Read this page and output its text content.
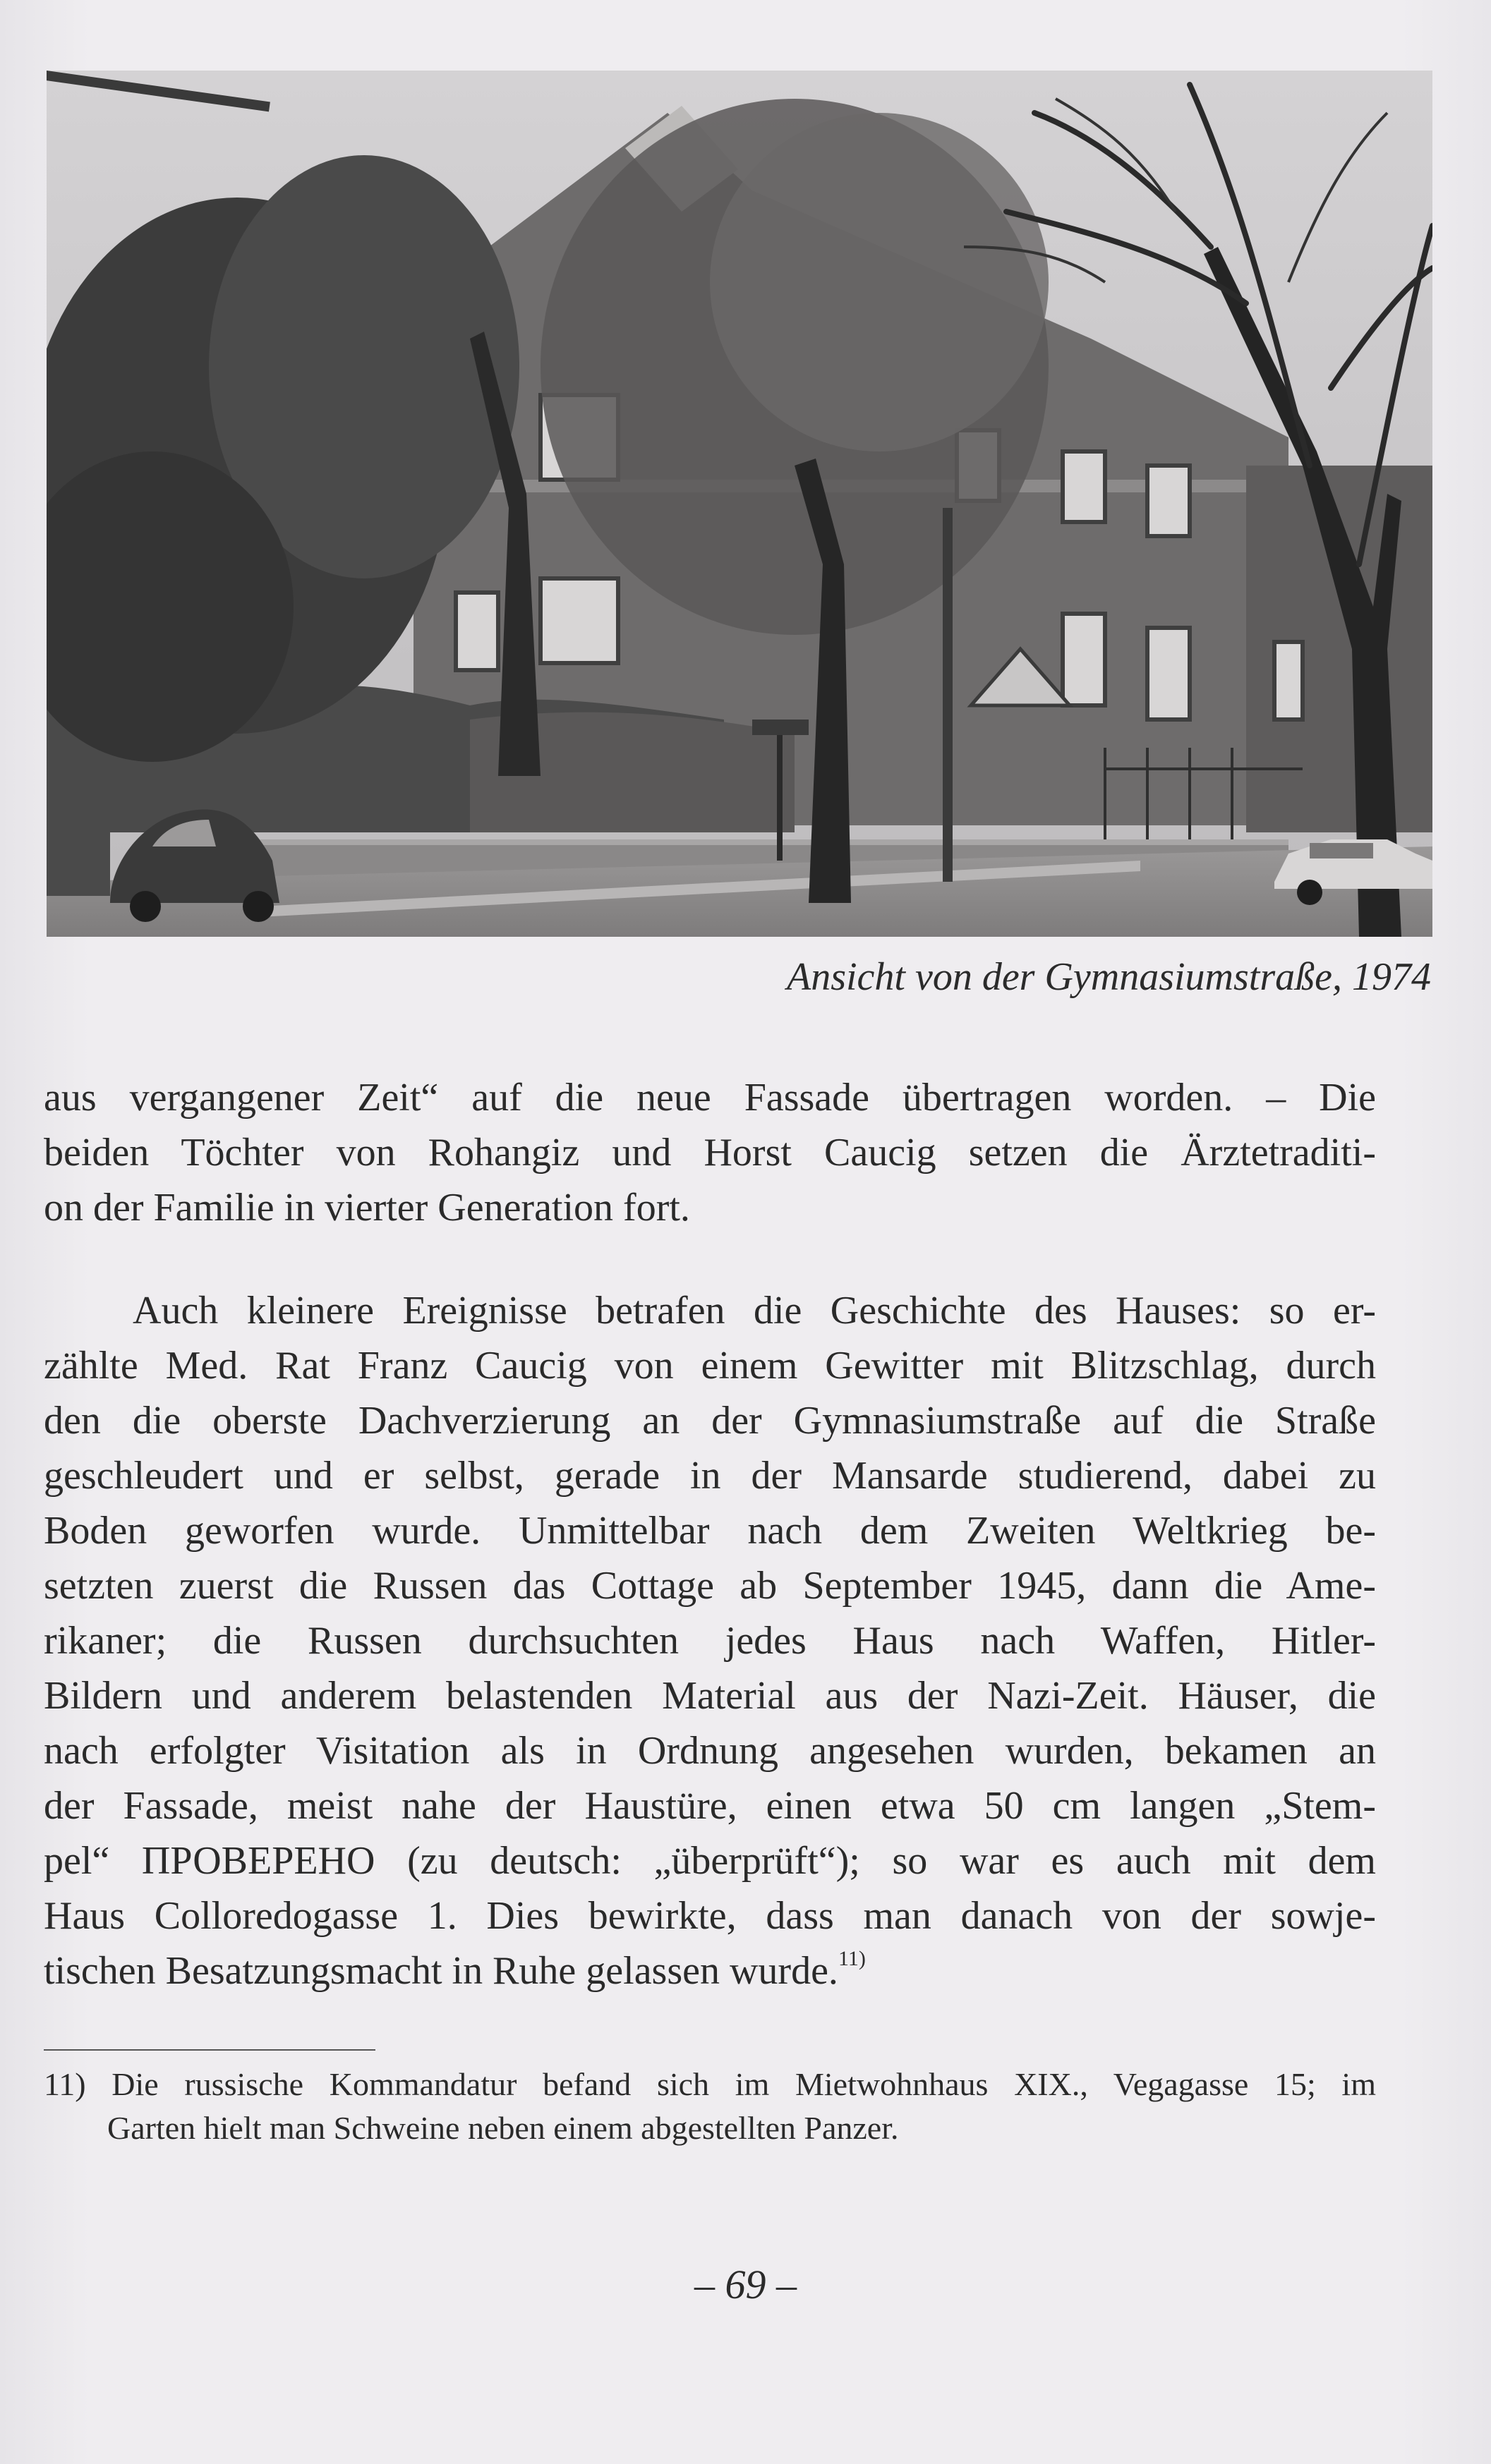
Ansicht von der Gymnasiumstraße, 1974
aus vergangener Zeit“ auf die neue Fassade übertragen worden. – Die
beiden Töchter von Rohangiz und Horst Caucig setzen die Ärztetraditi-
on der Familie in vierter Generation fort.
Auch kleinere Ereignisse betrafen die Geschichte des Hauses: so er-
zählte Med. Rat Franz Caucig von einem Gewitter mit Blitzschlag, durch
den die oberste Dachverzierung an der Gymnasiumstraße auf die Straße
geschleudert und er selbst, gerade in der Mansarde studierend, dabei zu
Boden geworfen wurde. Unmittelbar nach dem Zweiten Weltkrieg be-
setzten zuerst die Russen das Cottage ab September 1945, dann die Ame-
rikaner; die Russen durchsuchten jedes Haus nach Waffen, Hitler-
Bildern und anderem belastenden Material aus der Nazi-Zeit. Häuser, die
nach erfolgter Visitation als in Ordnung angesehen wurden, bekamen an
der Fassade, meist nahe der Haustüre, einen etwa 50 cm langen „Stem-
pel“ ПРОВЕРЕНО (zu deutsch: „überprüft“); so war es auch mit dem
Haus Colloredogasse 1. Dies bewirkte, dass man danach von der sowje-
tischen Besatzungsmacht in Ruhe gelassen wurde.$^{11)}$
11) Die russische Kommandatur befand sich im Mietwohnhaus XIX., Vegagasse 15; im
Garten hielt man Schweine neben einem abgestellten Panzer.
– 69 –
